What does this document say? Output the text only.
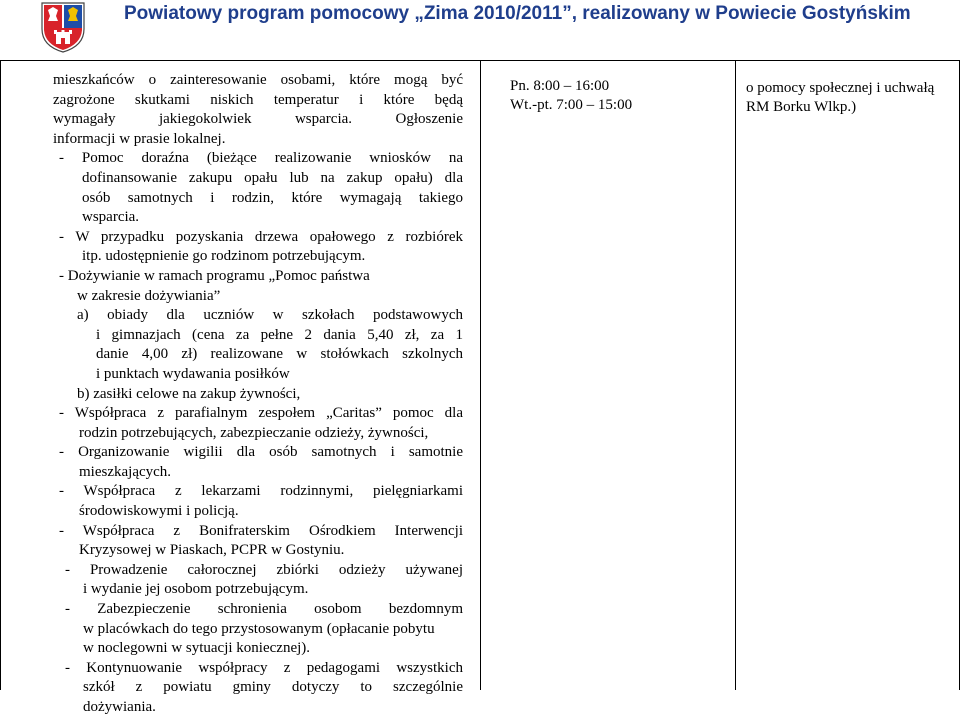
Powiatowy program pomocowy „Zima 2010/2011”, realizowany w Powiecie Gostyńskim
mieszkańców o zainteresowanie osobami, które mogą być
zagrożone skutkami niskich temperatur i które będą
wymagały jakiegokolwiek wsparcia. Ogłoszenie
informacji w prasie lokalnej.
- Pomoc doraźna (bieżące realizowanie wniosków na
dofinansowanie zakupu opału lub na zakup opału) dla
osób samotnych i rodzin, które wymagają takiego
wsparcia.
- W przypadku pozyskania drzewa opałowego z rozbiórek
itp. udostępnienie go rodzinom potrzebującym.
- Dożywianie w ramach programu „Pomoc państwa
w zakresie dożywiania”
a) obiady dla uczniów w szkołach podstawowych
i gimnazjach (cena za pełne 2 dania 5,40 zł, za 1
danie 4,00 zł) realizowane w stołówkach szkolnych
i punktach wydawania posiłków
b) zasiłki celowe na zakup żywności,
- Współpraca z parafialnym zespołem „Caritas” pomoc dla
rodzin potrzebujących, zabezpieczanie odzieży, żywności,
- Organizowanie wigilii dla osób samotnych i samotnie
mieszkających.
- Współpraca z lekarzami rodzinnymi, pielęgniarkami
środowiskowymi i policją.
- Współpraca z Bonifraterskim Ośrodkiem Interwencji
Kryzysowej w Piaskach, PCPR w Gostyniu.
- Prowadzenie całorocznej zbiórki odzieży używanej
i wydanie jej osobom potrzebującym.
- Zabezpieczenie schronienia osobom bezdomnym
w placówkach do tego przystosowanym (opłacanie pobytu
w noclegowni w sytuacji koniecznej).
- Kontynuowanie współpracy z pedagogami wszystkich
szkół z powiatu gminy dotyczy to szczególnie
dożywiania.
Pn. 8:00 – 16:00
Wt.-pt. 7:00 – 15:00
o pomocy społecznej i uchwałą
RM Borku Wlkp.)
